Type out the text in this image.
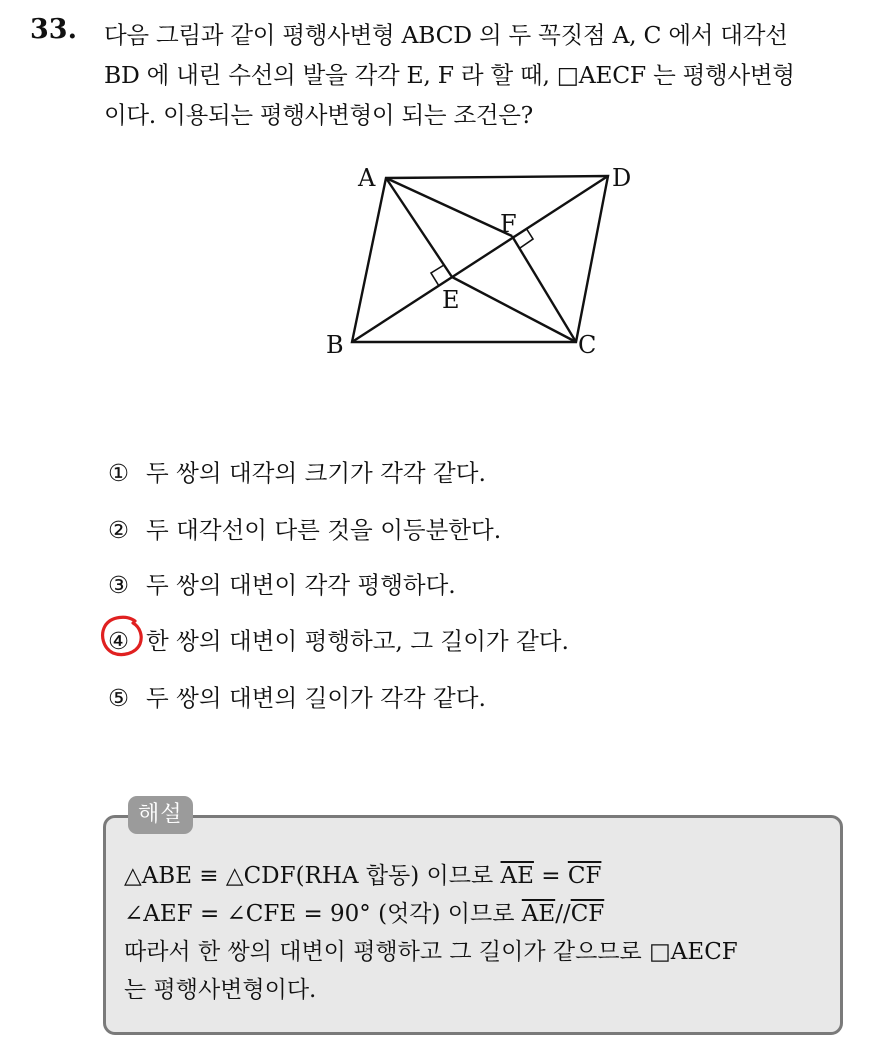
33. 다음 그림과 같이 평행사변형 ABCD 의 두 꼭짓점 A, C 에서 대각선
BD 에 내린 수선의 발을 각각 E, F 라 할 때, □AECF 는 평행사변형
이다. 이용되는 평행사변형이 되는 조건은?
A	D
F
E
B	C
① 두 쌍의 대각의 크기가 각각 같다.
② 두 대각선이 다른 것을 이등분한다.
③ 두 쌍의 대변이 각각 평행하다.
④ 한 쌍의 대변이 평행하고, 그 길이가 같다.
⑤ 두 쌍의 대변의 길이가 각각 같다.
해설
△ABE ≡ △CDF(RHA 합동) 이므로 $\overline{AE} = \overline{CF}$
∠AEF = ∠CFE = 90° (엇각) 이므로 $\overline{AE}//\overline{CF}$
따라서 한 쌍의 대변이 평행하고 그 길이가 같으므로 □AECF
는 평행사변형이다.
